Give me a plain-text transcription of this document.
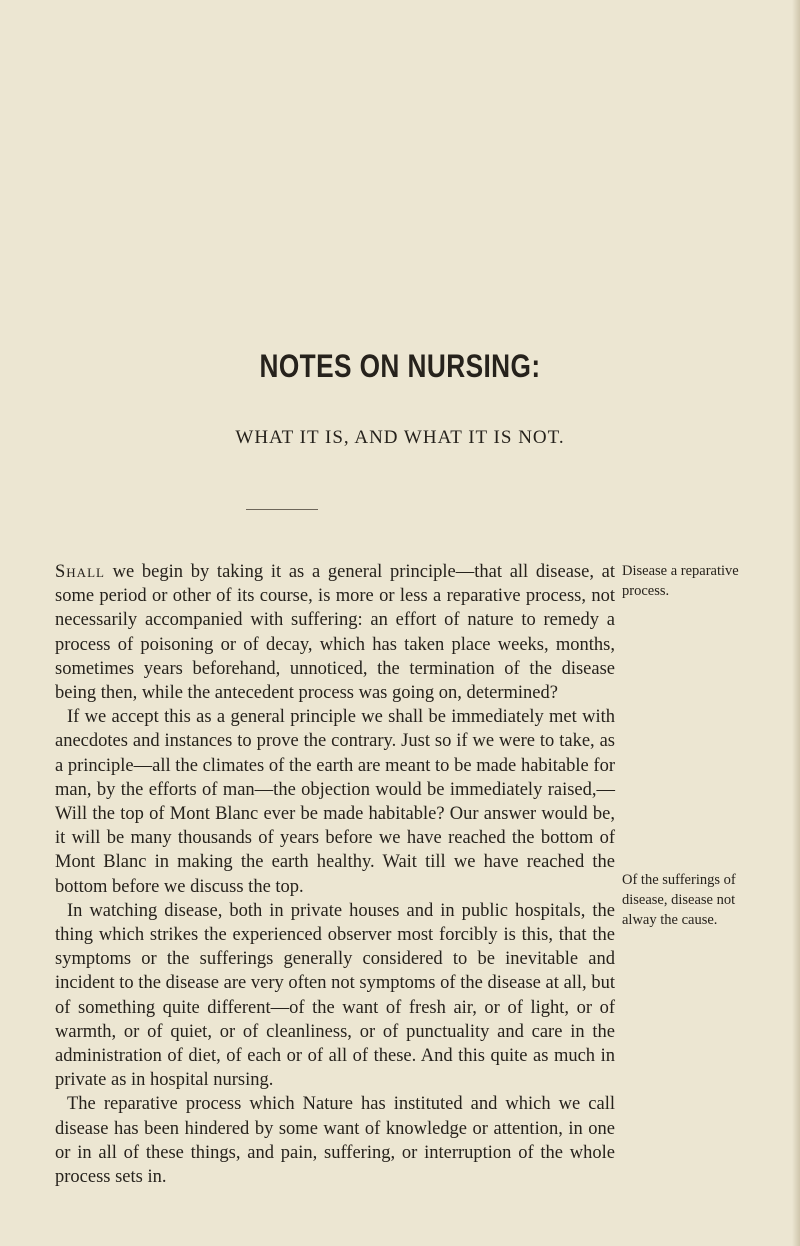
NOTES ON NURSING:
WHAT IT IS, AND WHAT IT IS NOT.

Shall we begin by taking it as a general principle—that all disease, at some period or other of its course, is more or less a reparative process, not necessarily accompanied with suffering: an effort of nature to remedy a process of poisoning or of decay, which has taken place weeks, months, sometimes years beforehand, unnoticed, the termination of the disease being then, while the antecedent process was going on, determined?

If we accept this as a general principle we shall be immediately met with anecdotes and instances to prove the contrary. Just so if we were to take, as a principle—all the climates of the earth are meant to be made habitable for man, by the efforts of man—the objection would be immediately raised,—Will the top of Mont Blanc ever be made habitable? Our answer would be, it will be many thousands of years before we have reached the bottom of Mont Blanc in making the earth healthy. Wait till we have reached the bottom before we discuss the top.

In watching disease, both in private houses and in public hospitals, the thing which strikes the experienced observer most forcibly is this, that the symptoms or the sufferings generally considered to be inevitable and incident to the disease are very often not symptoms of the disease at all, but of something quite different—of the want of fresh air, or of light, or of warmth, or of quiet, or of cleanliness, or of punctuality and care in the administration of diet, of each or of all of these. And this quite as much in private as in hospital nursing.

The reparative process which Nature has instituted and which we call disease has been hindered by some want of knowledge or attention, in one or in all of these things, and pain, suffering, or interruption of the whole process sets in.

Disease a reparative process.
Of the sufferings of disease, disease not alway the cause.
